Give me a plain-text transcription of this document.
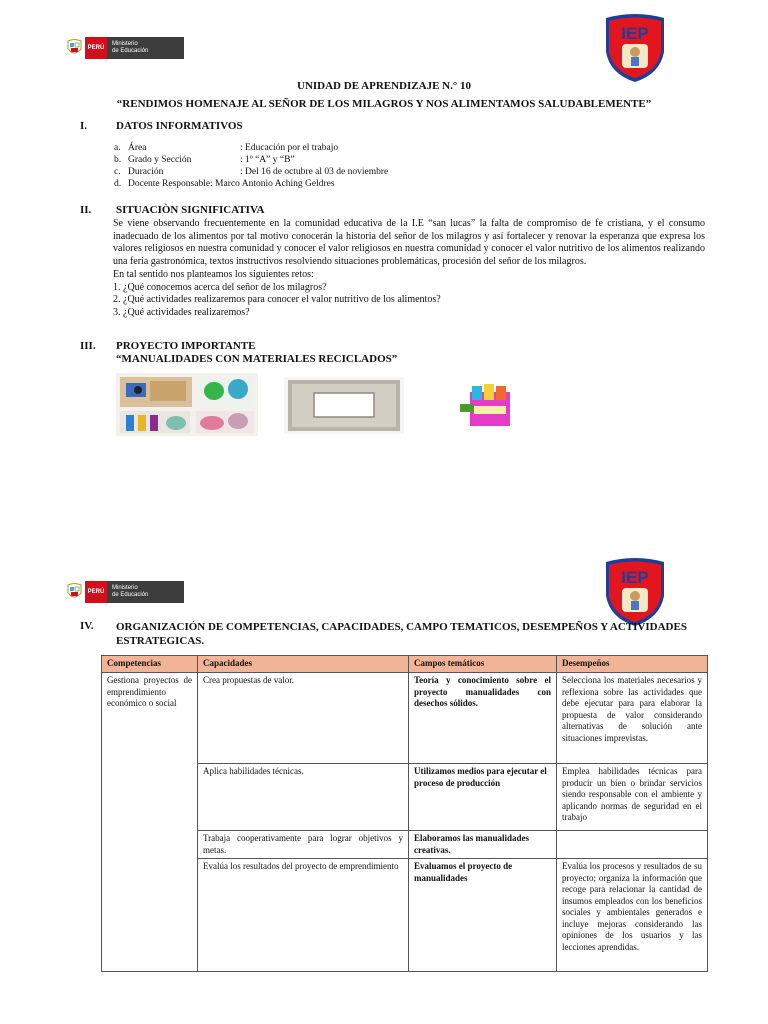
PERÚ
Ministerio
de Educación
IEP
UNIDAD DE APRENDIZAJE N.° 10
“RENDIMOS HOMENAJE AL SEÑOR DE LOS MILAGROS Y NOS ALIMENTAMOS SALUDABLEMENTE”
I.	DATOS INFORMATIVOS
a. Área	: Educación por el trabajo
b. Grado y Sección	: 1º “A” y “B”
c. Duración	: Del 16 de octubre al 03 de noviembre
d. Docente Responsable: Marco Antonio Aching Geldres
II. SITUACIÒN SIGNIFICATIVA

Se viene observando frecuentemente en la comunidad educativa de la I.E “san lucas” la falta de compromiso de fe cristiana, y el consumo inadecuado de los alimentos por tal motivo conocerán la historia del señor de los milagros y así fortalecer y renovar la esperanza que expresa los valores religiosos en nuestra comunidad y conocer el valor religiosos en nuestra comunidad y conocer el valor nutritivo de los alimentos realizando una feria gastronómica, textos instructivos resolviendo situaciones problemáticas, procesión del señor de los milagros.

En tal sentido nos planteamos los siguientes retos:

1. ¿Qué conocemos acerca del señor de los milagros?

2. ¿Qué actividades realizaremos para conocer el valor nutritivo de los alimentos?

3. ¿Qué actividades realizaremos?

III. PROYECTO IMPORTANTE
“MANUALIDADES CON MATERIALES RECICLADOS”
PERÚ
Ministerio
de Educación
IEP
IV. ORGANIZACIÓN DE COMPETENCIAS, CAPACIDADES, CAMPO TEMATICOS, DESEMPEÑOS Y ACTIVIDADES ESTRATEGICAS.
Competencias	Capacidades	Campos temáticos	Desempeños
Gestiona proyectos de emprendimiento económico o social	Crea propuestas de valor.	Teoría y conocimiento sobre el proyecto manualidades con desechos sólidos.	Selecciona los materiales necesarios y reflexiona sobre las actividades que debe ejecutar para para elaborar la propuesta de valor considerando alternativas de solución ante situaciones imprevistas.
	Aplica habilidades técnicas.	Utilizamos medios para ejecutar el proceso de producción	Emplea habilidades técnicas para producir un bien o brindar servicios siendo responsable con el ambiente y aplicando normas de seguridad en el trabajo
	Trabaja cooperativamente para lograr objetivos y metas.	Elaboramos las manualidades creativas.	
	Evalúa los resultados del proyecto de emprendimiento	Evaluamos el proyecto de manualidades	Evalúa los procesos y resultados de su proyecto; organiza la información que recoge para relacionar la cantidad de insumos empleados con los beneficios sociales y ambientales generados e incluye mejoras considerando las opiniones de los usuarios y las lecciones aprendidas.
